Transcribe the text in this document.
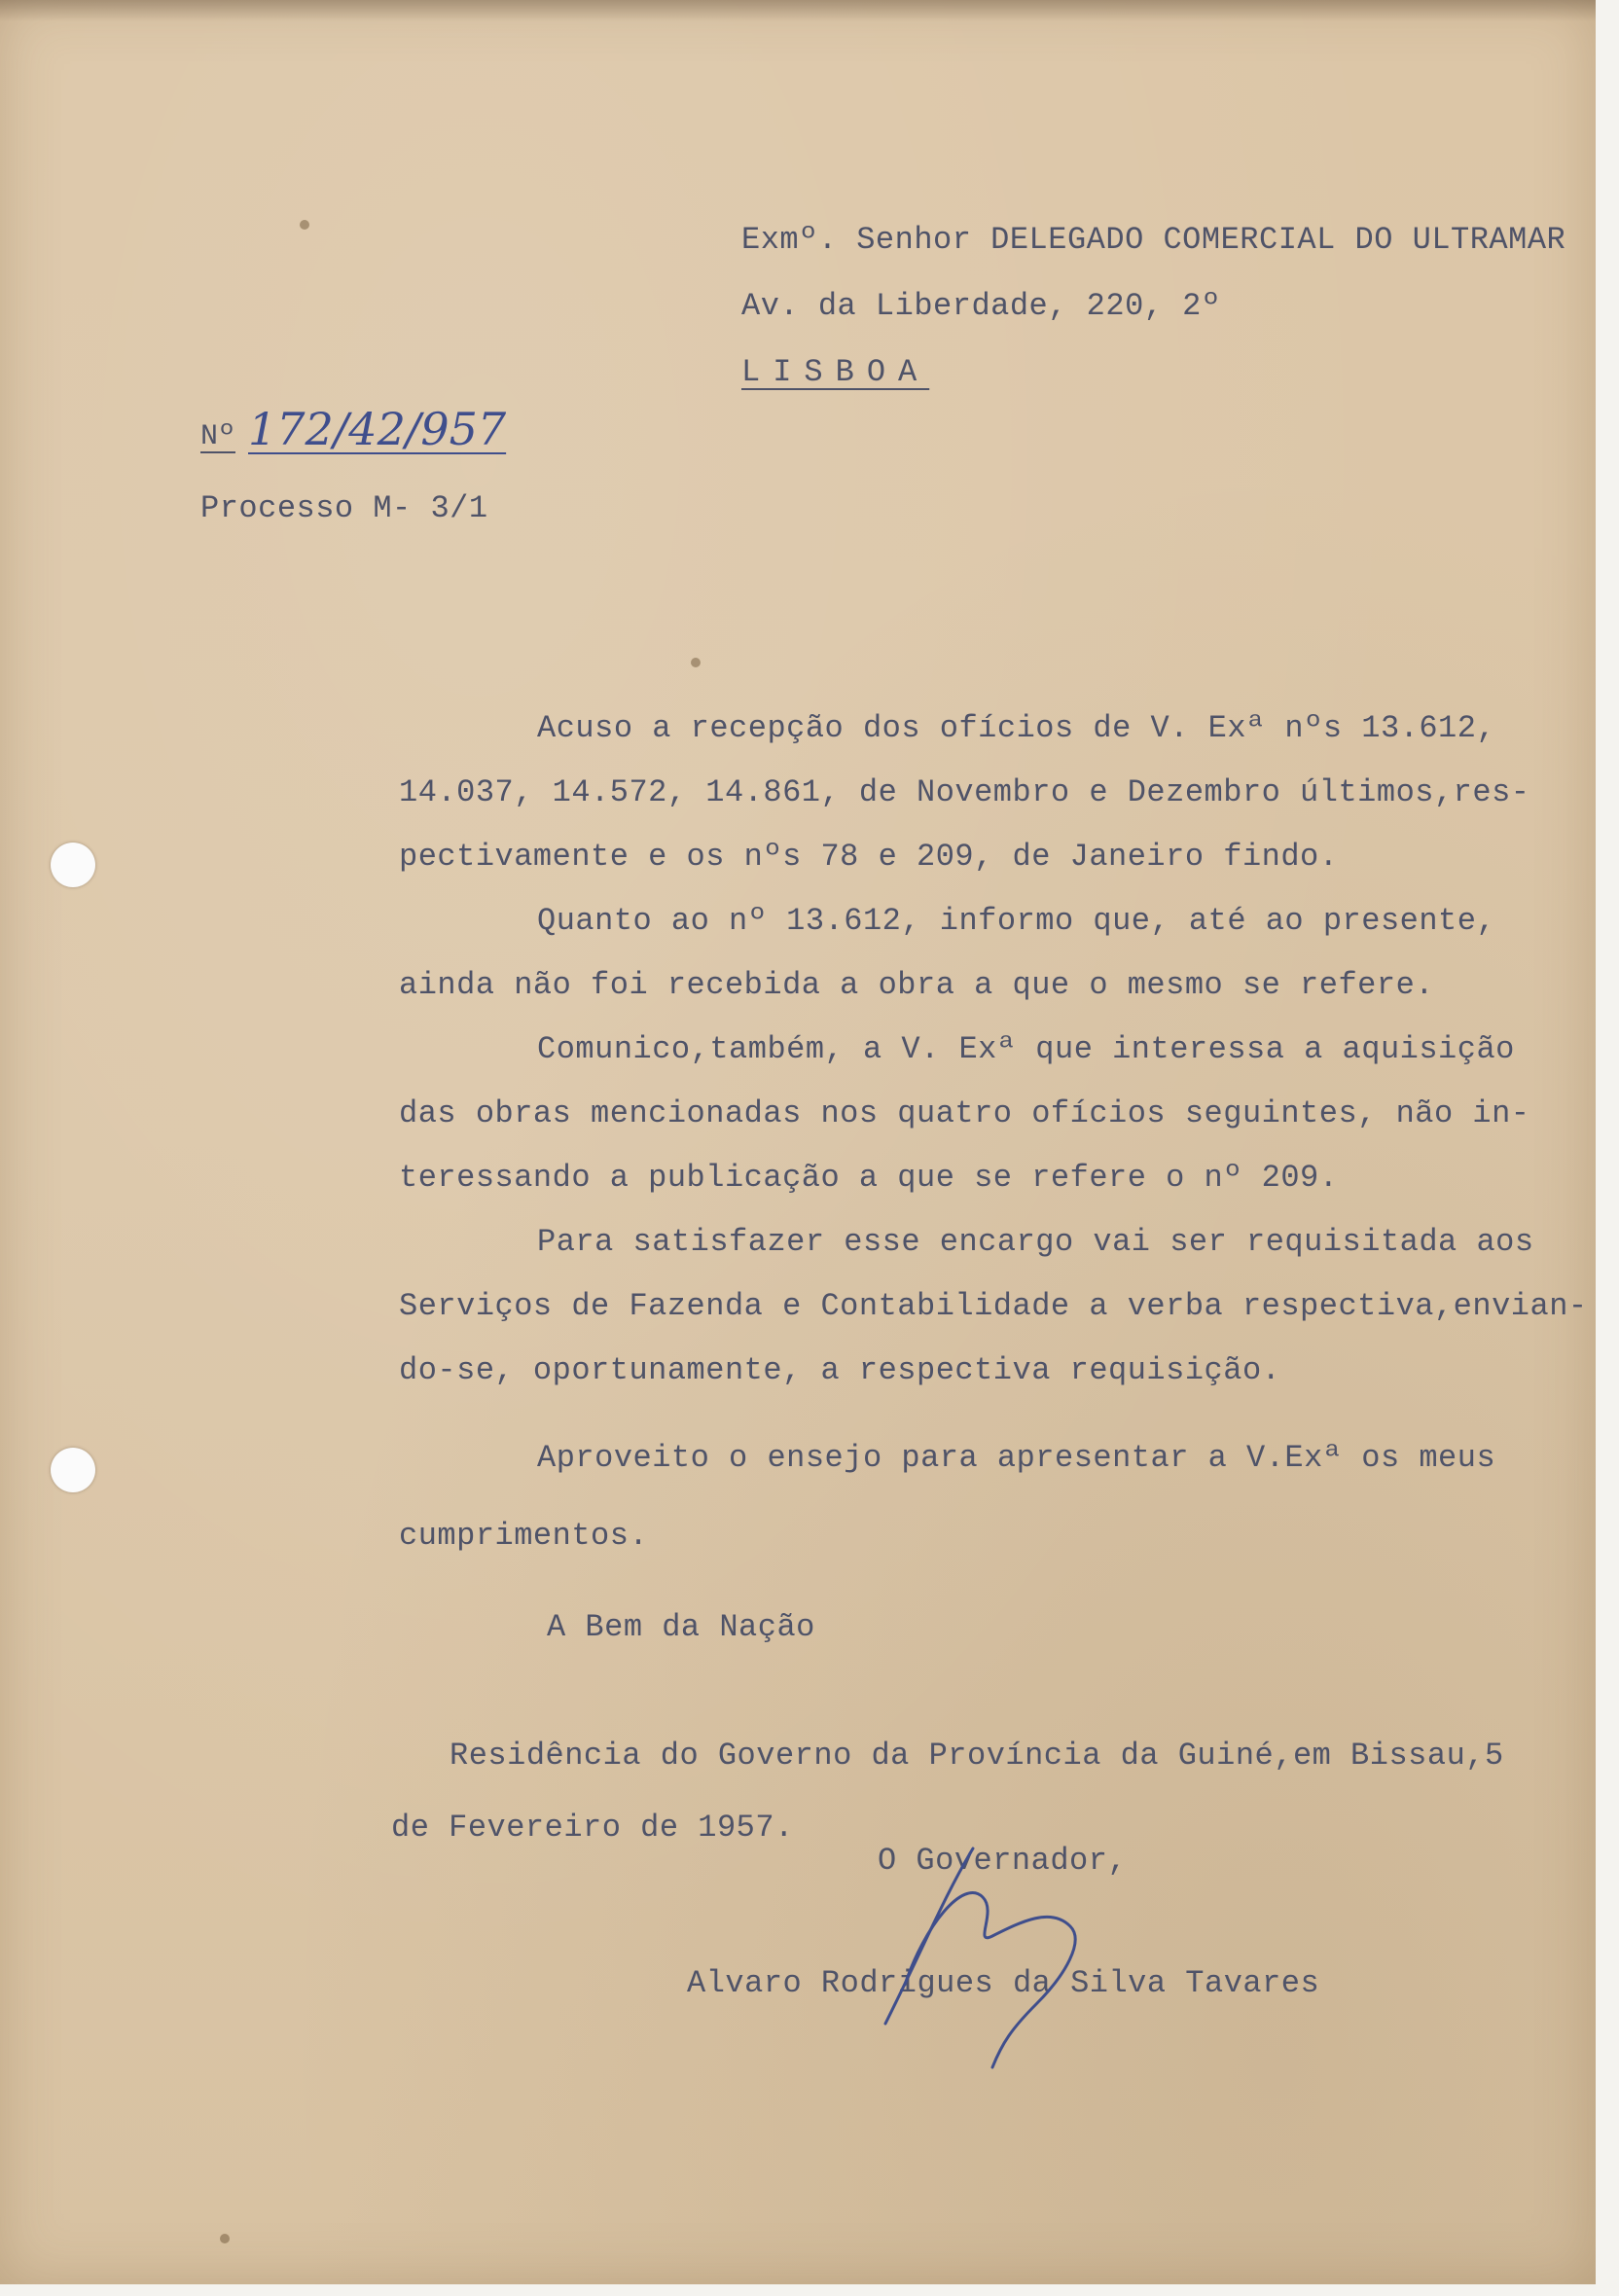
Exmº. Senhor DELEGADO COMERCIAL DO ULTRAMAR

Av. da Liberdade, 220, 2º

LISBOA

Nº 172/42/957

Processo M- 3/1

Acuso a recepção dos ofícios de V. Exª nºs 13.612,

14.037, 14.572, 14.861, de Novembro e Dezembro últimos,res-

pectivamente e os nºs 78 e 209, de Janeiro findo.

Quanto ao nº 13.612, informo que, até ao presente,

ainda não foi recebida a obra a que o mesmo se refere.

Comunico,também, a V. Exª que interessa a aquisição

das obras mencionadas nos quatro ofícios seguintes, não in-

teressando a publicação a que se refere o nº 209.

Para satisfazer esse encargo vai ser requisitada aos

Serviços de Fazenda e Contabilidade a verba respectiva,envian-

do-se, oportunamente, a respectiva requisição.

Aproveito o ensejo para apresentar a V.Exª os meus

cumprimentos.

A Bem da Nação

Residência do Governo da Província da Guiné,em Bissau,5

de Fevereiro de 1957.

O Governador,

Alvaro Rodrigues da Silva Tavares
